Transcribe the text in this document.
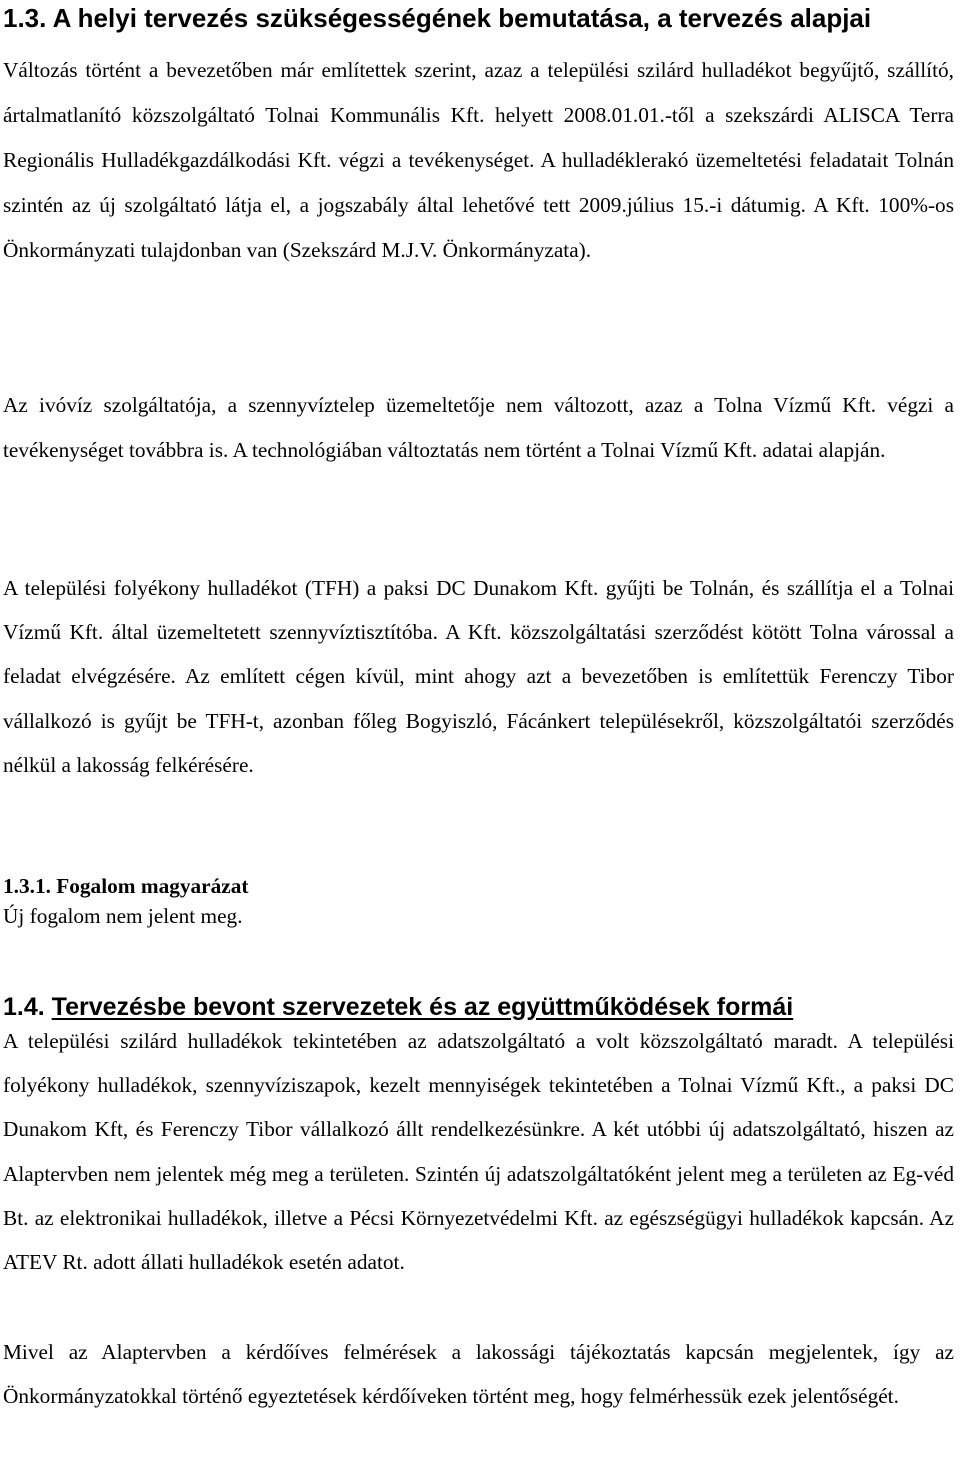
1.3. A helyi tervezés szükségességének bemutatása, a tervezés alapjai

Változás történt a bevezetőben már említettek szerint, azaz a települési szilárd hulladékot begyűjtő, szállító, ártalmatlanító közszolgáltató Tolnai Kommunális Kft. helyett 2008.01.01.-től a szekszárdi ALISCA Terra Regionális Hulladékgazdálkodási Kft. végzi a tevékenységet. A hulladéklerakó üzemeltetési feladatait Tolnán szintén az új szolgáltató látja el, a jogszabály által lehetővé tett 2009.július 15.-i dátumig. A Kft. 100%-os Önkormányzati tulajdonban van (Szekszárd M.J.V. Önkormányzata).

Az ivóvíz szolgáltatója, a szennyvíztelep üzemeltetője nem változott, azaz a Tolna Vízmű Kft. végzi a tevékenységet továbbra is. A technológiában változtatás nem történt a Tolnai Vízmű Kft. adatai alapján.

A települési folyékony hulladékot (TFH) a paksi DC Dunakom Kft. gyűjti be Tolnán, és szállítja el a Tolnai Vízmű Kft. által üzemeltetett szennyvíztisztítóba. A Kft. közszolgáltatási szerződést kötött Tolna várossal a feladat elvégzésére. Az említett cégen kívül, mint ahogy azt a bevezetőben is említettük Ferenczy Tibor vállalkozó is gyűjt be TFH-t, azonban főleg Bogyiszló, Fácánkert településekről, közszolgáltatói szerződés nélkül a lakosság felkérésére.

1.3.1. Fogalom magyarázat

Új fogalom nem jelent meg.

1.4. Tervezésbe bevont szervezetek és az együttműködések formái

A települési szilárd hulladékok tekintetében az adatszolgáltató a volt közszolgáltató maradt. A települési folyékony hulladékok, szennyvíziszapok, kezelt mennyiségek tekintetében a Tolnai Vízmű Kft., a paksi DC Dunakom Kft, és Ferenczy Tibor vállalkozó állt rendelkezésünkre. A két utóbbi új adatszolgáltató, hiszen az Alaptervben nem jelentek még meg a területen. Szintén új adatszolgáltatóként jelent meg a területen az Eg-véd Bt. az elektronikai hulladékok, illetve a Pécsi Környezetvédelmi Kft. az egészségügyi hulladékok kapcsán. Az ATEV Rt. adott állati hulladékok esetén adatot.

Mivel az Alaptervben a kérdőíves felmérések a lakossági tájékoztatás kapcsán megjelentek, így az Önkormányzatokkal történő egyeztetések kérdőíveken történt meg, hogy felmérhessük ezek jelentőségét.
